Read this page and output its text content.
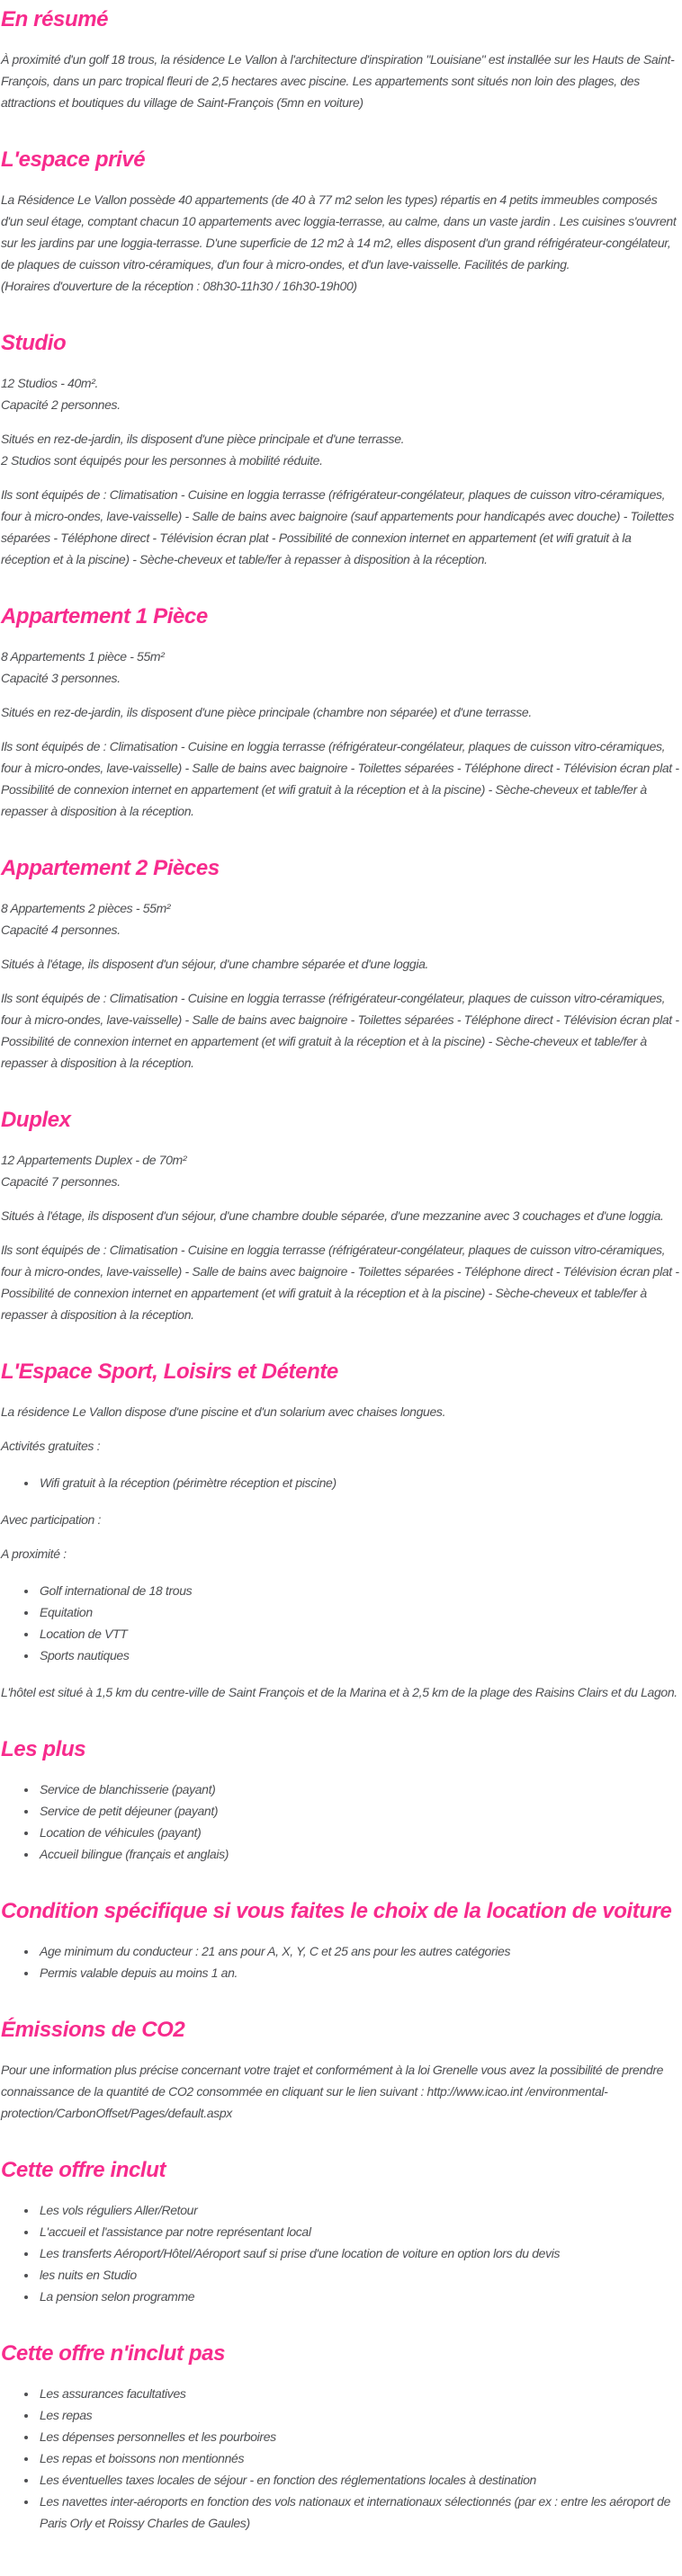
En résumé

À proximité d'un golf 18 trous, la résidence Le Vallon à l'architecture d'inspiration "Louisiane" est installée sur les Hauts de Saint-François, dans un parc tropical fleuri de 2,5 hectares avec piscine. Les appartements sont situés non loin des plages, des attractions et boutiques du village de Saint-François (5mn en voiture)

L'espace privé

La Résidence Le Vallon possède 40 appartements (de 40 à 77 m2 selon les types) répartis en 4 petits immeubles composés d'un seul étage, comptant chacun 10 appartements avec loggia-terrasse, au calme, dans un vaste jardin . Les cuisines s'ouvrent sur les jardins par une loggia-terrasse. D'une superficie de 12 m2 à 14 m2, elles disposent d'un grand réfrigérateur-congélateur, de plaques de cuisson vitro-céramiques, d'un four à micro-ondes, et d'un lave-vaisselle. Facilités de parking.
(Horaires d'ouverture de la réception : 08h30-11h30 / 16h30-19h00)

Studio

12 Studios - 40m².
Capacité 2 personnes.

Situés en rez-de-jardin, ils disposent d'une pièce principale et d'une terrasse.
2 Studios sont équipés pour les personnes à mobilité réduite.

Ils sont équipés de : Climatisation - Cuisine en loggia terrasse (réfrigérateur-congélateur, plaques de cuisson vitro-céramiques, four à micro-ondes, lave-vaisselle) - Salle de bains avec baignoire (sauf appartements pour handicapés avec douche) - Toilettes séparées - Téléphone direct - Télévision écran plat - Possibilité de connexion internet en appartement (et wifi gratuit à la réception et à la piscine) - Sèche-cheveux et table/fer à repasser à disposition à la réception.

Appartement 1 Pièce

8 Appartements 1 pièce - 55m²
Capacité 3 personnes.

Situés en rez-de-jardin, ils disposent d'une pièce principale (chambre non séparée) et d'une terrasse.

Ils sont équipés de : Climatisation - Cuisine en loggia terrasse (réfrigérateur-congélateur, plaques de cuisson vitro-céramiques, four à micro-ondes, lave-vaisselle) - Salle de bains avec baignoire - Toilettes séparées - Téléphone direct - Télévision écran plat - Possibilité de connexion internet en appartement (et wifi gratuit à la réception et à la piscine) - Sèche-cheveux et table/fer à repasser à disposition à la réception.

Appartement 2 Pièces

8 Appartements 2 pièces - 55m²
Capacité 4 personnes.

Situés à l'étage, ils disposent d'un séjour, d'une chambre séparée et d'une loggia.

Ils sont équipés de : Climatisation - Cuisine en loggia terrasse (réfrigérateur-congélateur, plaques de cuisson vitro-céramiques, four à micro-ondes, lave-vaisselle) - Salle de bains avec baignoire - Toilettes séparées - Téléphone direct - Télévision écran plat - Possibilité de connexion internet en appartement (et wifi gratuit à la réception et à la piscine) - Sèche-cheveux et table/fer à repasser à disposition à la réception.

Duplex

12 Appartements Duplex - de 70m²
Capacité 7 personnes.

Situés à l'étage, ils disposent d'un séjour, d'une chambre double séparée, d'une mezzanine avec 3 couchages et d'une loggia.

Ils sont équipés de : Climatisation - Cuisine en loggia terrasse (réfrigérateur-congélateur, plaques de cuisson vitro-céramiques, four à micro-ondes, lave-vaisselle) - Salle de bains avec baignoire - Toilettes séparées - Téléphone direct - Télévision écran plat - Possibilité de connexion internet en appartement (et wifi gratuit à la réception et à la piscine) - Sèche-cheveux et table/fer à repasser à disposition à la réception.

L'Espace Sport, Loisirs et Détente

La résidence Le Vallon dispose d'une piscine et d'un solarium avec chaises longues.

Activités gratuites :

• Wifi gratuit à la réception (périmètre réception et piscine)

Avec participation :

A proximité :

• Golf international de 18 trous
• Equitation
• Location de VTT
• Sports nautiques

L'hôtel est situé à 1,5 km du centre-ville de Saint François et de la Marina et à 2,5 km de la plage des Raisins Clairs et du Lagon.

Les plus
• Service de blanchisserie (payant)
• Service de petit déjeuner (payant)
• Location de véhicules (payant)
• Accueil bilingue (français et anglais)
Condition spécifique si vous faites le choix de la location de voiture
• Age minimum du conducteur : 21 ans pour A, X, Y, C et 25 ans pour les autres catégories
• Permis valable depuis au moins 1 an.
Émissions de CO2

Pour une information plus précise concernant votre trajet et conformément à la loi Grenelle vous avez la possibilité de prendre connaissance de la quantité de CO2 consommée en cliquant sur le lien suivant : http://www.icao.int /environmental-protection/CarbonOffset/Pages/default.aspx

Cette offre inclut
• Les vols réguliers Aller/Retour
• L'accueil et l'assistance par notre représentant local
• Les transferts Aéroport/Hôtel/Aéroport sauf si prise d'une location de voiture en option lors du devis
• les nuits en Studio
• La pension selon programme
Cette offre n'inclut pas
• Les assurances facultatives
• Les repas
• Les dépenses personnelles et les pourboires
• Les repas et boissons non mentionnés
• Les éventuelles taxes locales de séjour - en fonction des réglementations locales à destination
• Les navettes inter-aéroports en fonction des vols nationaux et internationaux sélectionnés (par ex : entre les aéroport de Paris Orly et Roissy Charles de Gaules)
